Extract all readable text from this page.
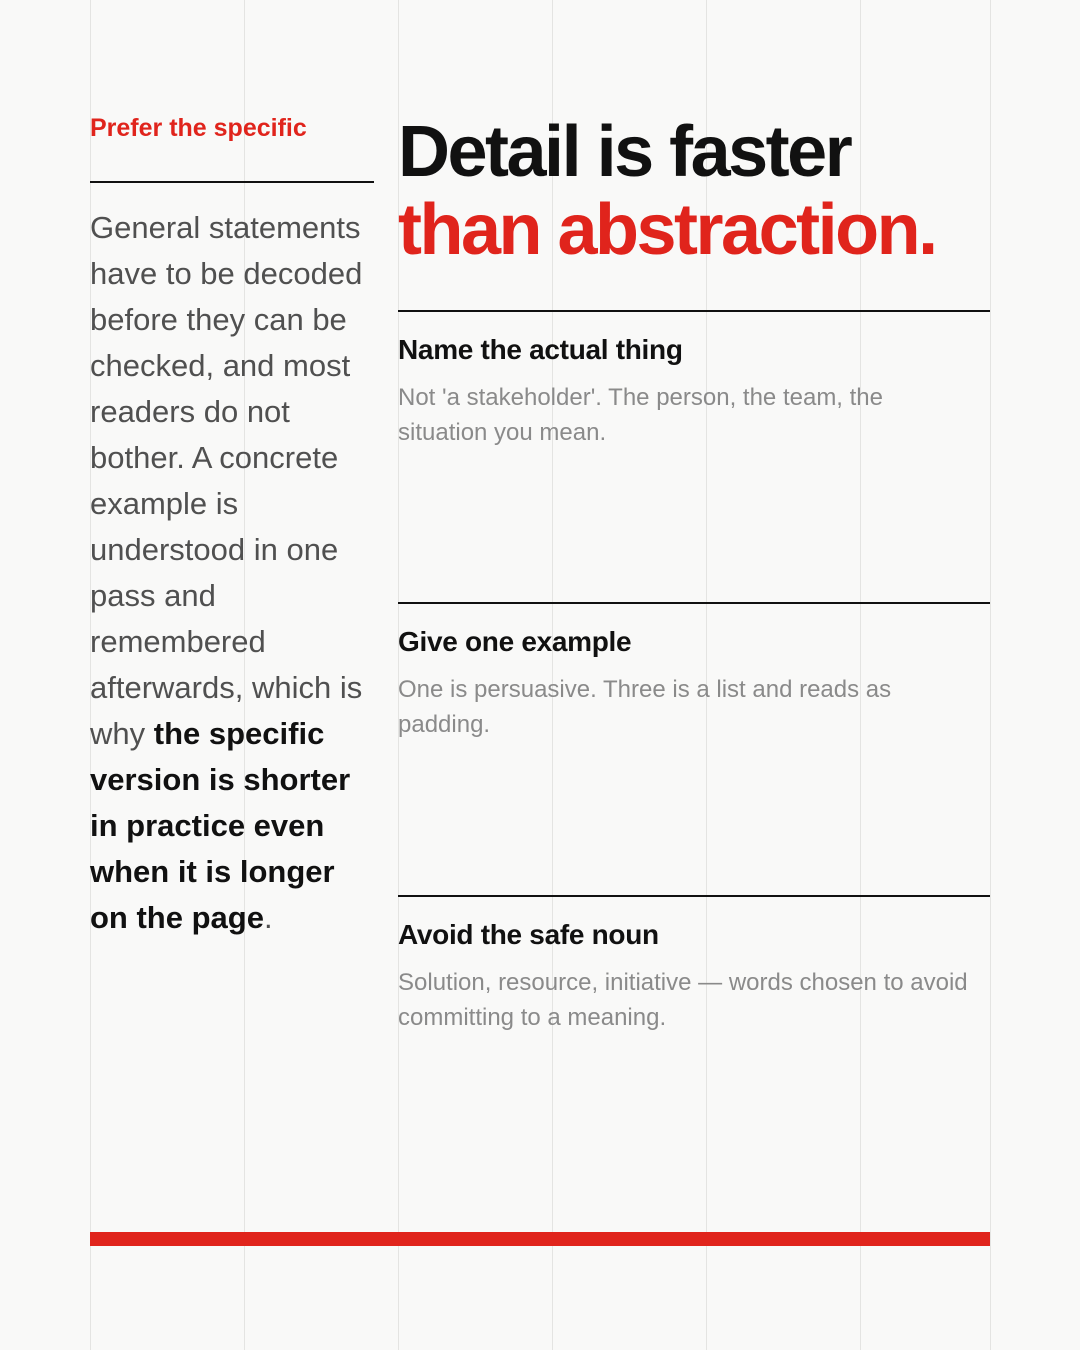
Prefer the specific

General statements have to be decoded before they can be checked, and most readers do not bother. A concrete example is understood in one pass and remembered afterwards, which is why the specific version is shorter in practice even when it is longer on the page.

Detail is faster
than abstraction.
Name the actual thing
Not 'a stakeholder'. The person, the team, the situation you mean.
Give one example
One is persuasive. Three is a list and reads as padding.
Avoid the safe noun
Solution, resource, initiative — words chosen to avoid committing to a meaning.
